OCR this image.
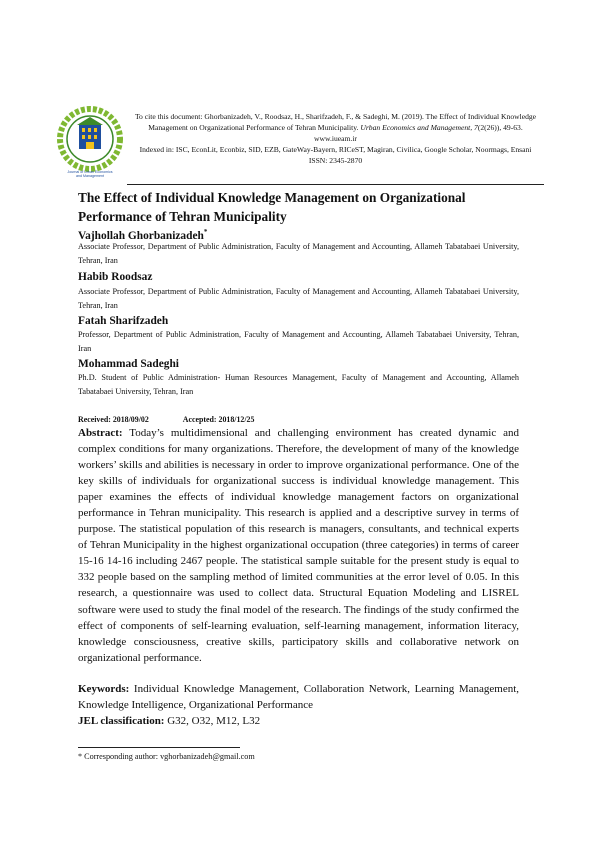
Journal of Urban Economics
and Management
To cite this document: Ghorbanizadeh, V., Roodsaz, H., Sharifzadeh, F., & Sadeghi, M. (2019). The Effect of Individual Knowledge Management on Organizational Performance of Tehran Municipality. Urban Economics and Management, 7(2(26)), 49-63.
www.iueam.ir
Indexed in: ISC, EconLit, Econbiz, SID, EZB, GateWay-Bayern, RICeST, Magiran, Civilica, Google Scholar, Noormags, Ensani
ISSN: 2345-2870
The Effect of Individual Knowledge Management on Organizational Performance of Tehran Municipality
Vajhollah Ghorbanizadeh*
Associate Professor, Department of Public Administration, Faculty of Management and Accounting, Allameh Tabatabaei University, Tehran, Iran
Habib Roodsaz
Associate Professor, Department of Public Administration, Faculty of Management and Accounting, Allameh Tabatabaei University, Tehran, Iran
Fatah Sharifzadeh
Professor, Department of Public Administration, Faculty of Management and Accounting, Allameh Tabatabaei University, Tehran, Iran
Mohammad Sadeghi
Ph.D. Student of Public Administration- Human Resources Management, Faculty of Management and Accounting, Allameh Tabatabaei University, Tehran, Iran
Received: 2018/09/02	Accepted: 2018/12/25
Abstract: Today’s multidimensional and challenging environment has created dynamic and complex conditions for many organizations. Therefore, the development of many of the knowledge workers’ skills and abilities is necessary in order to improve organizational performance. One of the key skills of individuals for organizational success is individual knowledge management. This paper examines the effects of individual knowledge management factors on organizational performance in Tehran municipality. This research is applied and a descriptive survey in terms of purpose. The statistical population of this research is managers, consultants, and technical experts of Tehran Municipality in the highest organizational occupation (three categories) in terms of career 15-16 14-16 including 2467 people. The statistical sample suitable for the present study is equal to 332 people based on the sampling method of limited communities at the error level of 0.05. In this research, a questionnaire was used to collect data. Structural Equation Modeling and LISREL software were used to study the final model of the research. The findings of the study confirmed the effect of components of self-learning evaluation, self-learning management, information literacy, knowledge consciousness, creative skills, participatory skills and collaborative network on organizational performance.
Keywords: Individual Knowledge Management, Collaboration Network, Learning Management, Knowledge Intelligence, Organizational Performance
JEL classification: G32, O32, M12, L32
* Corresponding author: vghorbanizadeh@gmail.com
